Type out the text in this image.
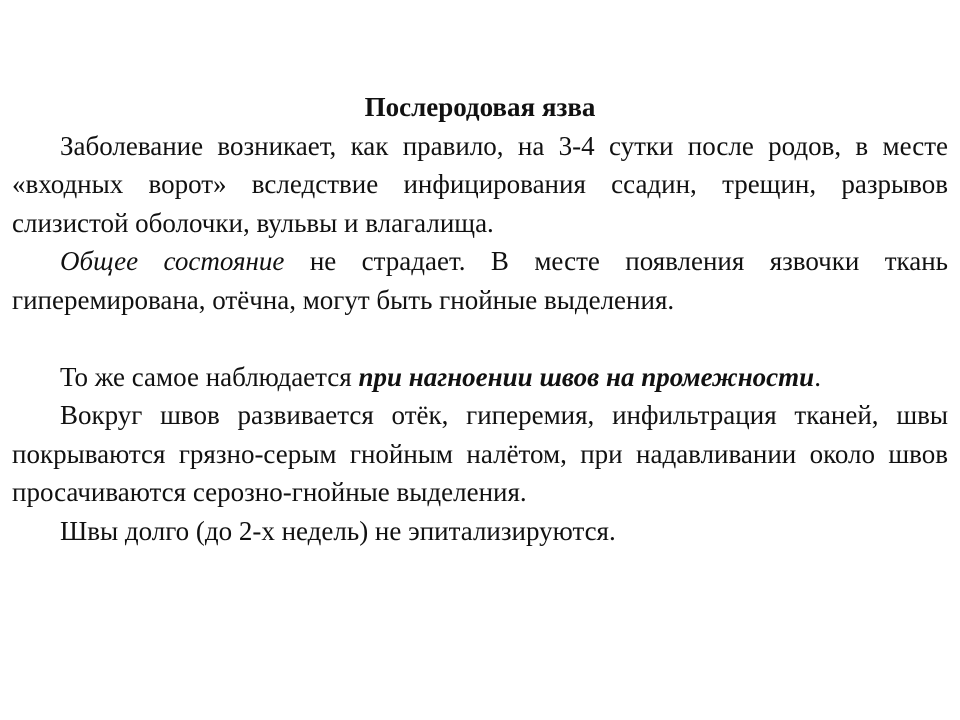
Послеродовая язва

Заболевание возникает, как правило, на 3-4 сутки после родов, в месте «входных ворот» вследствие инфицирования ссадин, трещин, разрывов слизистой оболочки, вульвы и влагалища.

Общее состояние не страдает. В месте появления язвочки ткань гиперемирована, отёчна, могут быть гнойные выделения.

То же самое наблюдается при нагноении швов на промежности.

Вокруг швов развивается отёк, гиперемия, инфильтрация тканей, швы покрываются грязно-серым гнойным налётом, при надавливании около швов просачиваются серозно-гнойные выделения.

Швы долго (до 2-х недель) не эпитализируются.
